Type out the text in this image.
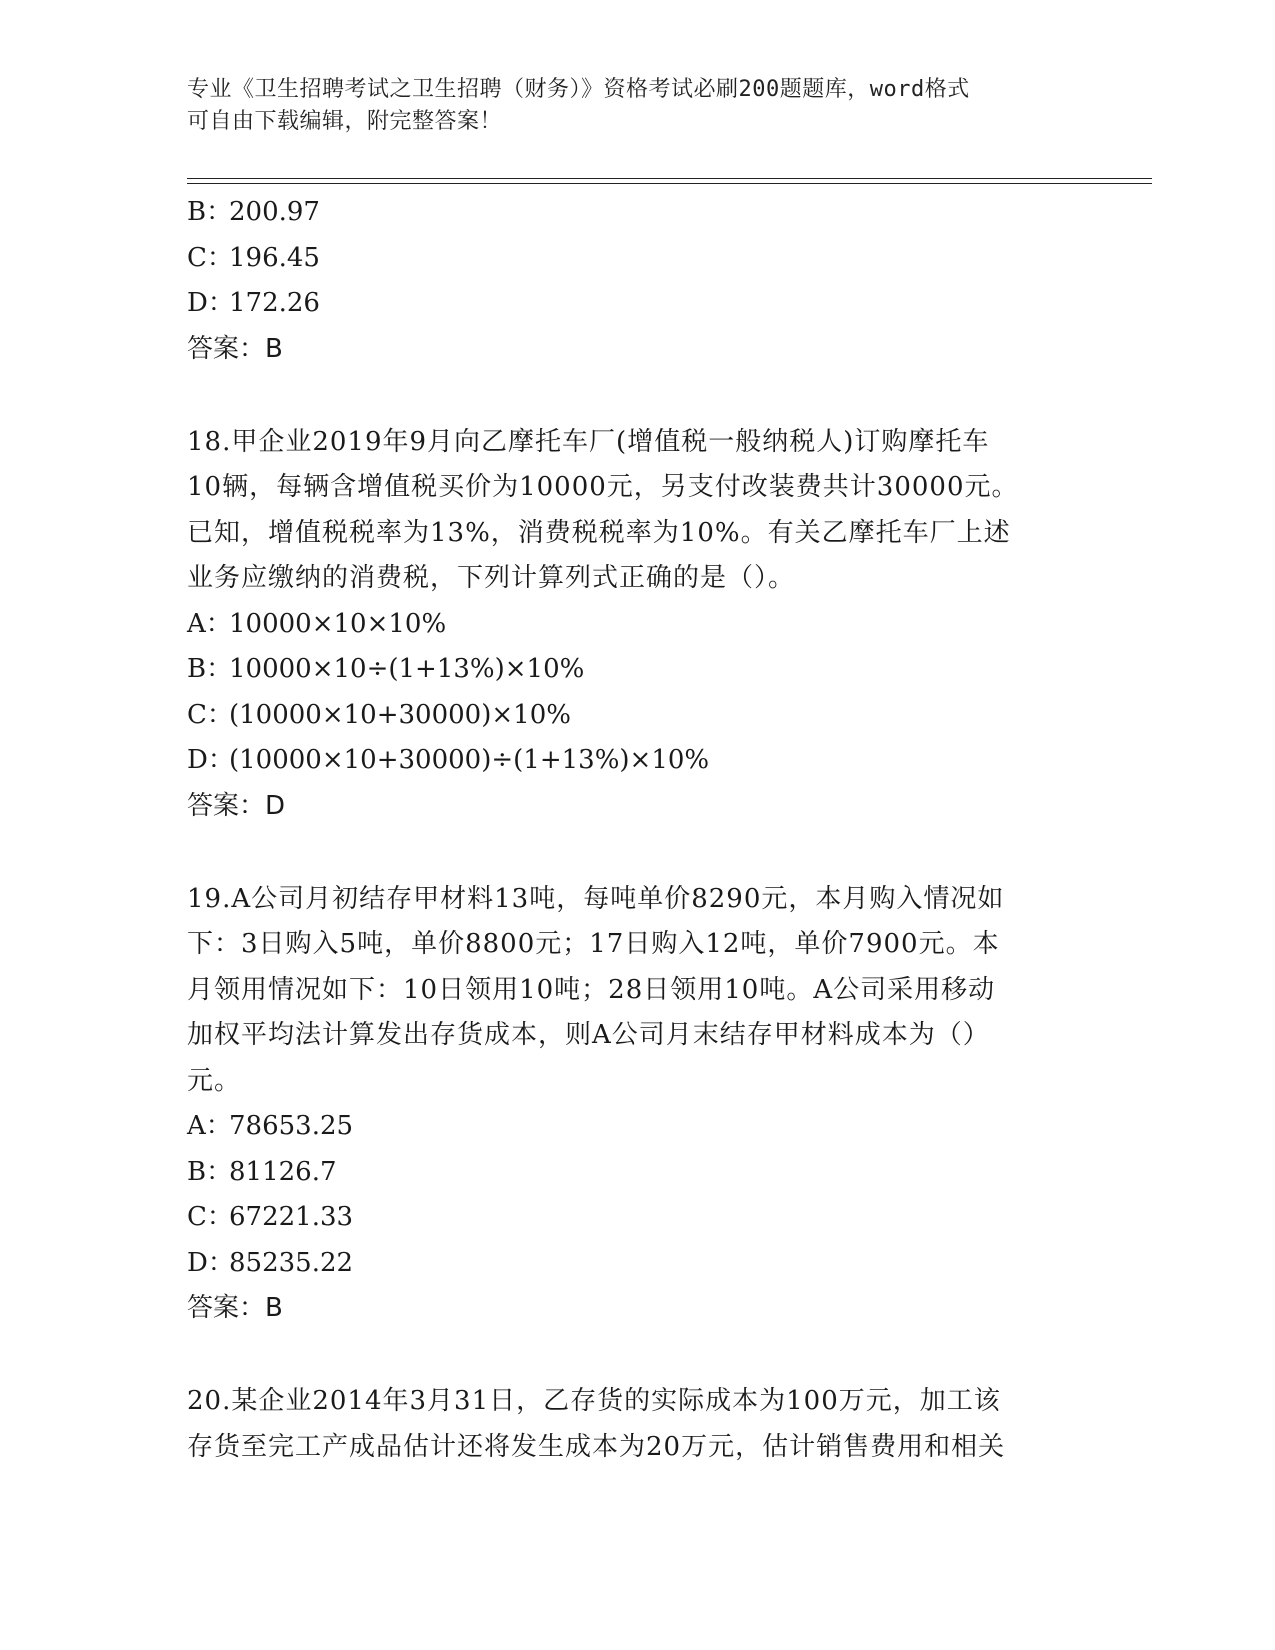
专业《卫生招聘考试之卫生招聘（财务）》资格考试必刷200题题库，word格式
可自由下载编辑，附完整答案！
B：200.97
C：196.45
D：172.26
答案：B
18.甲企业2019年9月向乙摩托车厂(增值税一般纳税人)订购摩托车
10辆，每辆含增值税买价为10000元，另支付改装费共计30000元。
已知，增值税税率为13%，消费税税率为10%。有关乙摩托车厂上述
业务应缴纳的消费税，下列计算列式正确的是（）。
A：10000×10×10%
B：10000×10÷(1+13%)×10%
C：(10000×10+30000)×10%
D：(10000×10+30000)÷(1+13%)×10%
答案：D
19.A公司月初结存甲材料13吨，每吨单价8290元，本月购入情况如
下：3日购入5吨，单价8800元；17日购入12吨，单价7900元。本
月领用情况如下：10日领用10吨；28日领用10吨。A公司采用移动
加权平均法计算发出存货成本，则A公司月末结存甲材料成本为（）
元。
A：78653.25
B：81126.7
C：67221.33
D：85235.22
答案：B
20.某企业2014年3月31日，乙存货的实际成本为100万元，加工该
存货至完工产成品估计还将发生成本为20万元，估计销售费用和相关
